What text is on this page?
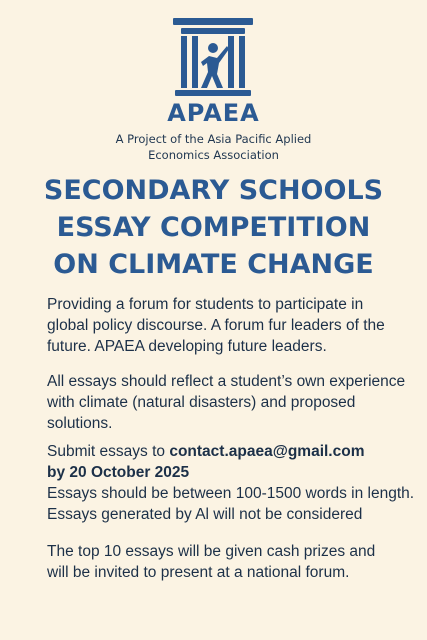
APAEA
A Project of the Asia Pacific Aplied
Economics Association
SECONDARY SCHOOLS
ESSAY COMPETITION
ON CLIMATE CHANGE
Providing a forum for students to participate in
global policy discourse. A forum fur leaders of the
future. APAEA developing future leaders.
All essays should reflect a student’s own experience
with climate (natural disasters) and proposed
solutions.
Submit essays to contact.apaea@gmail.com
by 20 October 2025
Essays should be between 100-1500 words in length.
Essays generated by Al will not be considered
The top 10 essays will be given cash prizes and
will be invited to present at a national forum.
